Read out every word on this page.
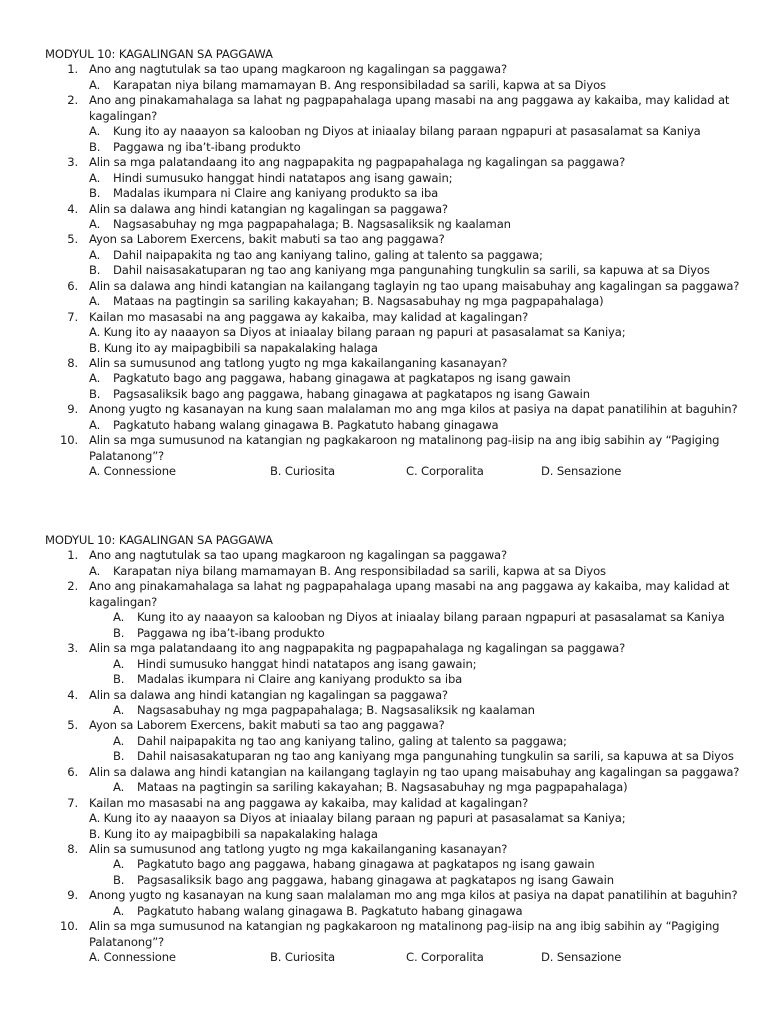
MODYUL 10: KAGALINGAN SA PAGGAWA
1. Ano ang nagtutulak sa tao upang magkaroon ng kagalingan sa paggawa?
A. Karapatan niya bilang mamamayan B. Ang responsibiladad sa sarili, kapwa at sa Diyos
2. Ano ang pinakamahalaga sa lahat ng pagpapahalaga upang masabi na ang paggawa ay kakaiba, may kalidad at
kagalingan?
A. Kung ito ay naaayon sa kalooban ng Diyos at iniaalay bilang paraan ngpapuri at pasasalamat sa Kaniya
B. Paggawa ng iba’t-ibang produkto
3. Alin sa mga palatandaang ito ang nagpapakita ng pagpapahalaga ng kagalingan sa paggawa?
A. Hindi sumusuko hanggat hindi natatapos ang isang gawain;
B. Madalas ikumpara ni Claire ang kaniyang produkto sa iba
4. Alin sa dalawa ang hindi katangian ng kagalingan sa paggawa?
A. Nagsasabuhay ng mga pagpapahalaga; B. Nagsasaliksik ng kaalaman
5. Ayon sa Laborem Exercens, bakit mabuti sa tao ang paggawa?
A. Dahil naipapakita ng tao ang kaniyang talino, galing at talento sa paggawa;
B. Dahil naisasakatuparan ng tao ang kaniyang mga pangunahing tungkulin sa sarili, sa kapuwa at sa Diyos
6. Alin sa dalawa ang hindi katangian na kailangang taglayin ng tao upang maisabuhay ang kagalingan sa paggawa?
A. Mataas na pagtingin sa sariling kakayahan; B. Nagsasabuhay ng mga pagpapahalaga)
7. Kailan mo masasabi na ang paggawa ay kakaiba, may kalidad at kagalingan?
A. Kung ito ay naaayon sa Diyos at iniaalay bilang paraan ng papuri at pasasalamat sa Kaniya;
B. Kung ito ay maipagbibili sa napakalaking halaga
8. Alin sa sumusunod ang tatlong yugto ng mga kakailanganing kasanayan?
A. Pagkatuto bago ang paggawa, habang ginagawa at pagkatapos ng isang gawain
B. Pagsasaliksik bago ang paggawa, habang ginagawa at pagkatapos ng isang Gawain
9. Anong yugto ng kasanayan na kung saan malalaman mo ang mga kilos at pasiya na dapat panatilihin at baguhin?
A. Pagkatuto habang walang ginagawa B. Pagkatuto habang ginagawa
10. Alin sa mga sumusunod na katangian ng pagkakaroon ng matalinong pag-iisip na ang ibig sabihin ay “Pagiging
Palatanong”?
A. Connessione	B. Curiosita	C. Corporalita	D. Sensazione
MODYUL 10: KAGALINGAN SA PAGGAWA
1. Ano ang nagtutulak sa tao upang magkaroon ng kagalingan sa paggawa?
A. Karapatan niya bilang mamamayan B. Ang responsibiladad sa sarili, kapwa at sa Diyos
2. Ano ang pinakamahalaga sa lahat ng pagpapahalaga upang masabi na ang paggawa ay kakaiba, may kalidad at
kagalingan?
A. Kung ito ay naaayon sa kalooban ng Diyos at iniaalay bilang paraan ngpapuri at pasasalamat sa Kaniya
B. Paggawa ng iba’t-ibang produkto
3. Alin sa mga palatandaang ito ang nagpapakita ng pagpapahalaga ng kagalingan sa paggawa?
A. Hindi sumusuko hanggat hindi natatapos ang isang gawain;
B. Madalas ikumpara ni Claire ang kaniyang produkto sa iba
4. Alin sa dalawa ang hindi katangian ng kagalingan sa paggawa?
A. Nagsasabuhay ng mga pagpapahalaga; B. Nagsasaliksik ng kaalaman
5. Ayon sa Laborem Exercens, bakit mabuti sa tao ang paggawa?
A. Dahil naipapakita ng tao ang kaniyang talino, galing at talento sa paggawa;
B. Dahil naisasakatuparan ng tao ang kaniyang mga pangunahing tungkulin sa sarili, sa kapuwa at sa Diyos
6. Alin sa dalawa ang hindi katangian na kailangang taglayin ng tao upang maisabuhay ang kagalingan sa paggawa?
A. Mataas na pagtingin sa sariling kakayahan; B. Nagsasabuhay ng mga pagpapahalaga)
7. Kailan mo masasabi na ang paggawa ay kakaiba, may kalidad at kagalingan?
A. Kung ito ay naaayon sa Diyos at iniaalay bilang paraan ng papuri at pasasalamat sa Kaniya;
B. Kung ito ay maipagbibili sa napakalaking halaga
8. Alin sa sumusunod ang tatlong yugto ng mga kakailanganing kasanayan?
A. Pagkatuto bago ang paggawa, habang ginagawa at pagkatapos ng isang gawain
B. Pagsasaliksik bago ang paggawa, habang ginagawa at pagkatapos ng isang Gawain
9. Anong yugto ng kasanayan na kung saan malalaman mo ang mga kilos at pasiya na dapat panatilihin at baguhin?
A. Pagkatuto habang walang ginagawa B. Pagkatuto habang ginagawa
10. Alin sa mga sumusunod na katangian ng pagkakaroon ng matalinong pag-iisip na ang ibig sabihin ay “Pagiging
Palatanong”?
A. Connessione	B. Curiosita	C. Corporalita	D. Sensazione
